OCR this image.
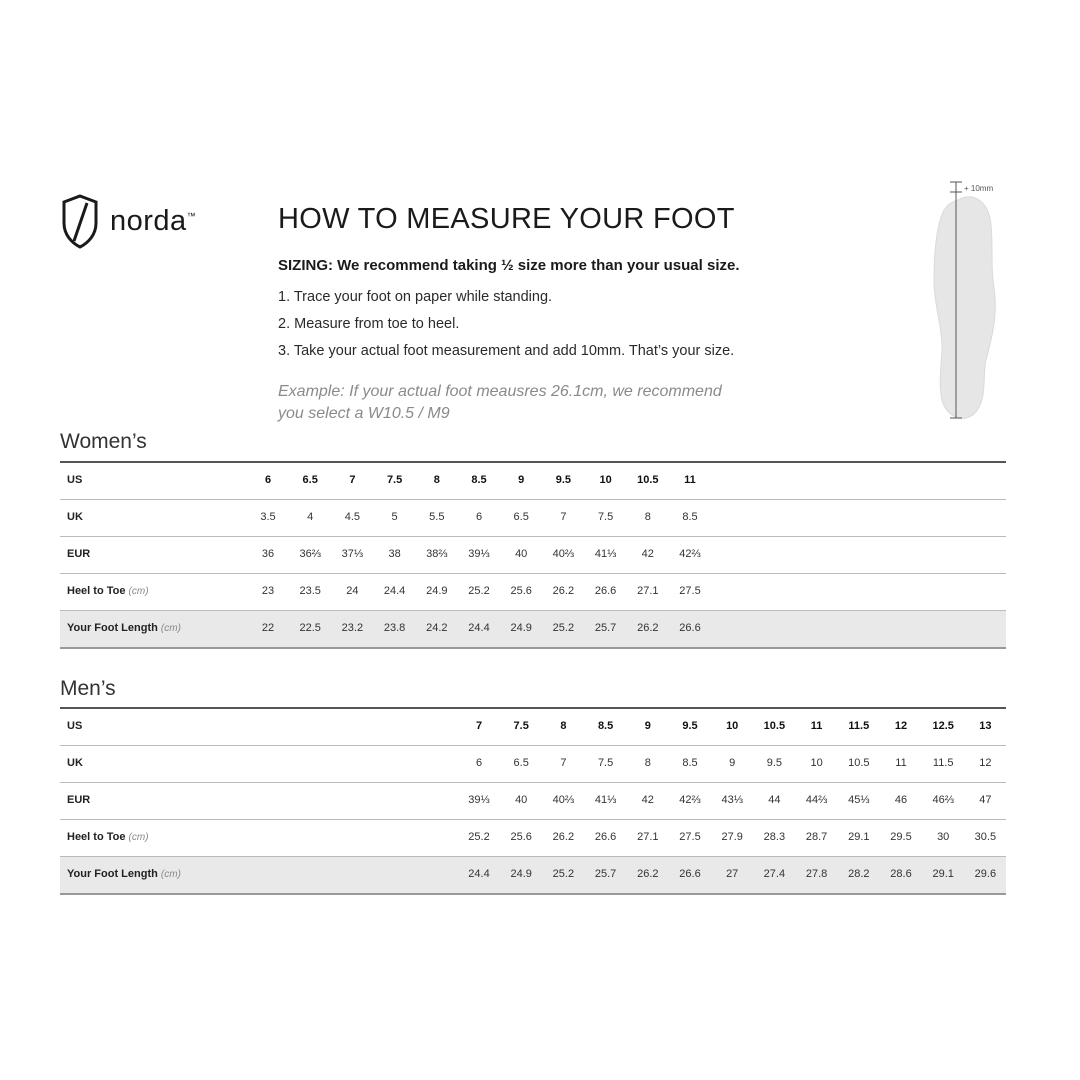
norda™	HOW TO MEASURE YOUR FOOT
SIZING: We recommend taking ½ size more than your usual size.
1. Trace your foot on paper while standing.
2. Measure from toe to heel.
3. Take your actual foot measurement and add 10mm. That’s your size.
Example: If your actual foot meausres 26.1cm, we recommend
you select a W10.5 / M9
+ 10mm
Women’s
US	6	6.5	7	7.5	8	8.5	9	9.5	10	10.5	11
UK	3.5	4	4.5	5	5.5	6	6.5	7	7.5	8	8.5
EUR	36	36⅔	37⅓	38	38⅔	39⅓	40	40⅔	41⅓	42	42⅔
Heel to Toe (cm)	23	23.5	24	24.4	24.9	25.2	25.6	26.2	26.6	27.1	27.5
Your Foot Length (cm)	22	22.5	23.2	23.8	24.2	24.4	24.9	25.2	25.7	26.2	26.6
Men’s
US	7	7.5	8	8.5	9	9.5	10	10.5	11	11.5	12	12.5	13
UK	6	6.5	7	7.5	8	8.5	9	9.5	10	10.5	11	11.5	12
EUR	39⅓	40	40⅔	41⅓	42	42⅔	43⅓	44	44⅔	45⅓	46	46⅔	47
Heel to Toe (cm)	25.2	25.6	26.2	26.6	27.1	27.5	27.9	28.3	28.7	29.1	29.5	30	30.5
Your Foot Length (cm)	24.4	24.9	25.2	25.7	26.2	26.6	27	27.4	27.8	28.2	28.6	29.1	29.6
